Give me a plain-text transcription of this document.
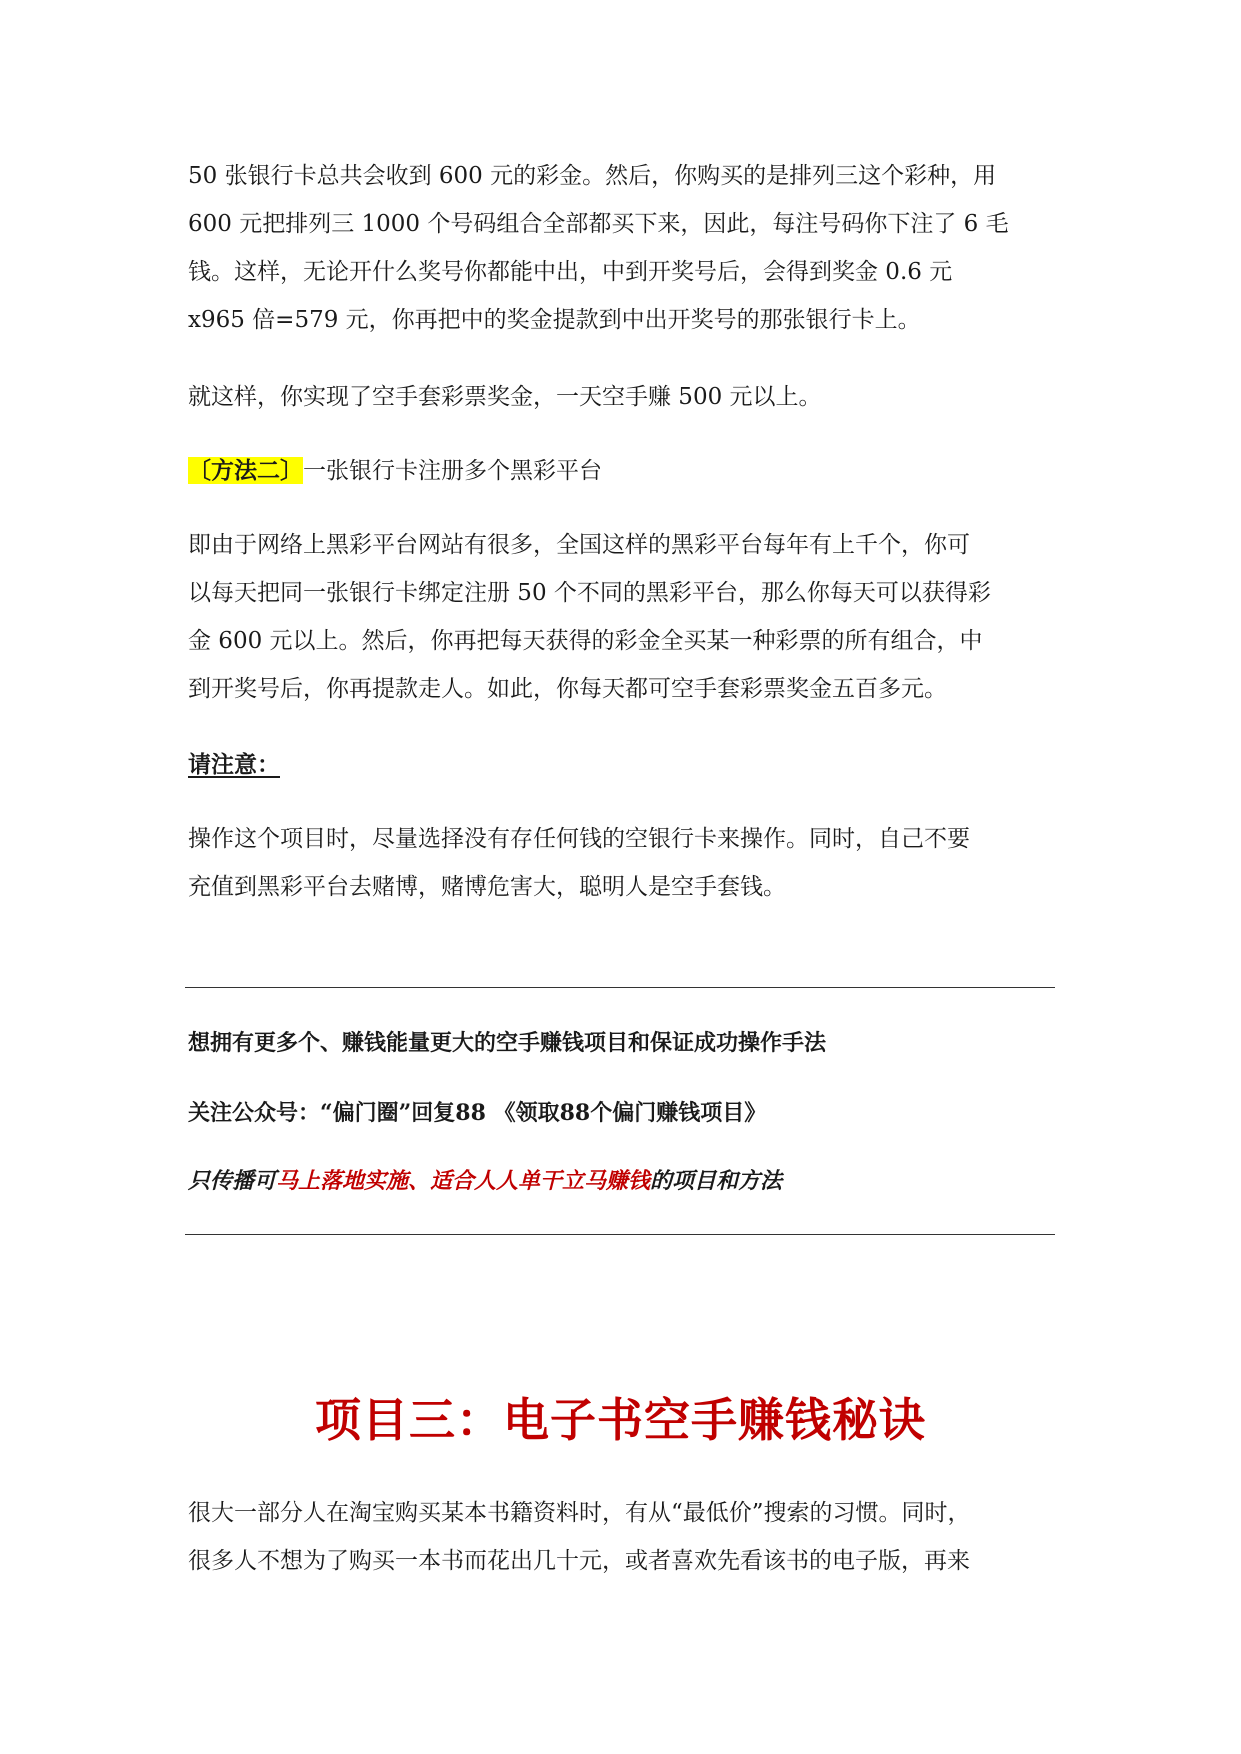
50 张银行卡总共会收到 600 元的彩金。然后，你购买的是排列三这个彩种，用
600 元把排列三 1000 个号码组合全部都买下来，因此，每注号码你下注了 6 毛
钱。这样，无论开什么奖号你都能中出，中到开奖号后，会得到奖金 0.6 元
x965 倍=579 元，你再把中的奖金提款到中出开奖号的那张银行卡上。
就这样，你实现了空手套彩票奖金，一天空手赚 500 元以上。
〔方法二〕一张银行卡注册多个黑彩平台
即由于网络上黑彩平台网站有很多，全国这样的黑彩平台每年有上千个，你可
以每天把同一张银行卡绑定注册 50 个不同的黑彩平台，那么你每天可以获得彩
金 600 元以上。然后，你再把每天获得的彩金全买某一种彩票的所有组合，中
到开奖号后，你再提款走人。如此，你每天都可空手套彩票奖金五百多元。
请注意：
操作这个项目时，尽量选择没有存任何钱的空银行卡来操作。同时，自己不要
充值到黑彩平台去赌博，赌博危害大，聪明人是空手套钱。
想拥有更多个、赚钱能量更大的空手赚钱项目和保证成功操作手法
关注公众号：“偏门圈”回复88 《领取88个偏门赚钱项目》
只传播可马上落地实施、适合人人单干立马赚钱的项目和方法
项目三：电子书空手赚钱秘诀
很大一部分人在淘宝购买某本书籍资料时，有从“最低价”搜索的习惯。同时，
很多人不想为了购买一本书而花出几十元，或者喜欢先看该书的电子版，再来
